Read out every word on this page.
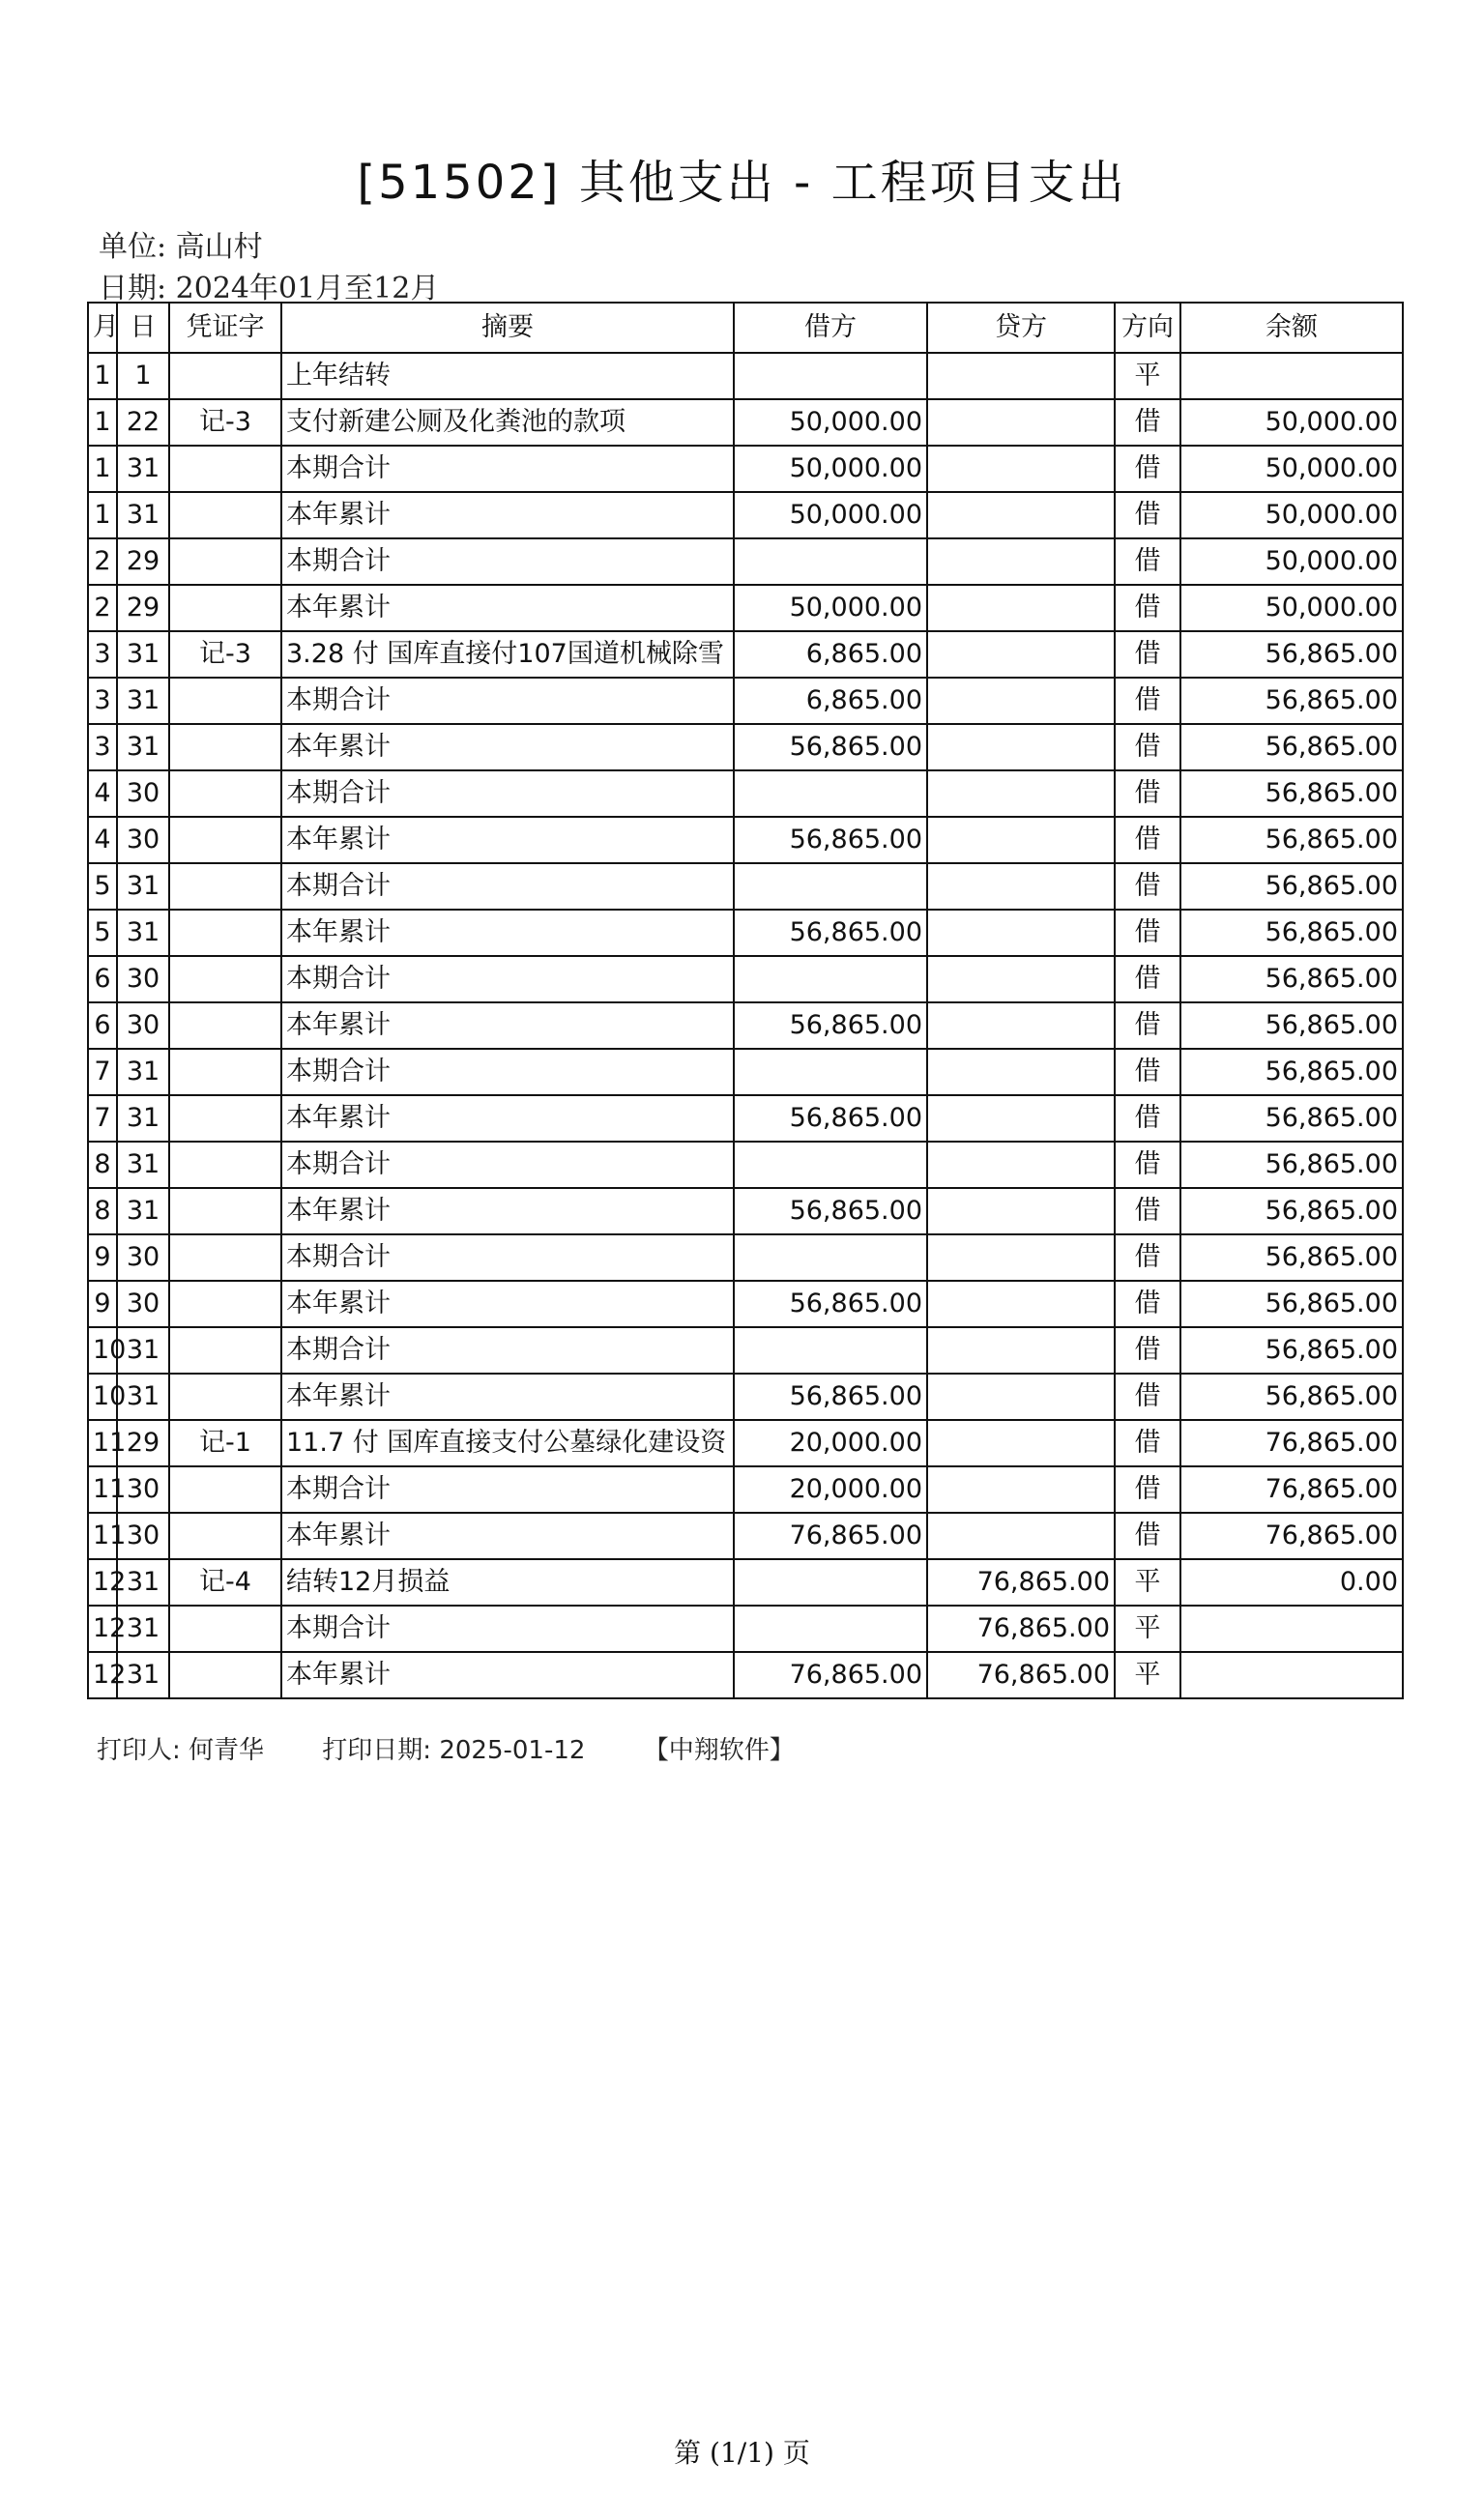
[51502] 其他支出 - 工程项目支出
单位: 高山村
日期: 2024年01月至12月
月	日	凭证字	摘要	借方	贷方	方向	余额
1	1		上年结转			平	
1	22	记-3	支付新建公厕及化粪池的款项	50,000.00		借	50,000.00
1	31		本期合计	50,000.00		借	50,000.00
1	31		本年累计	50,000.00		借	50,000.00
2	29		本期合计			借	50,000.00
2	29		本年累计	50,000.00		借	50,000.00
3	31	记-3	3.28 付 国库直接付107国道机械除雪	6,865.00		借	56,865.00
3	31		本期合计	6,865.00		借	56,865.00
3	31		本年累计	56,865.00		借	56,865.00
4	30		本期合计			借	56,865.00
4	30		本年累计	56,865.00		借	56,865.00
5	31		本期合计			借	56,865.00
5	31		本年累计	56,865.00		借	56,865.00
6	30		本期合计			借	56,865.00
6	30		本年累计	56,865.00		借	56,865.00
7	31		本期合计			借	56,865.00
7	31		本年累计	56,865.00		借	56,865.00
8	31		本期合计			借	56,865.00
8	31		本年累计	56,865.00		借	56,865.00
9	30		本期合计			借	56,865.00
9	30		本年累计	56,865.00		借	56,865.00
10	31		本期合计			借	56,865.00
10	31		本年累计	56,865.00		借	56,865.00
11	29	记-1	11.7 付 国库直接支付公墓绿化建设资	20,000.00		借	76,865.00
11	30		本期合计	20,000.00		借	76,865.00
11	30		本年累计	76,865.00		借	76,865.00
12	31	记-4	结转12月损益		76,865.00	平	0.00
12	31		本期合计		76,865.00	平	
12	31		本年累计	76,865.00	76,865.00	平	
打印人: 何青华 打印日期: 2025-01-12 【中翔软件】
第 (1/1) 页
